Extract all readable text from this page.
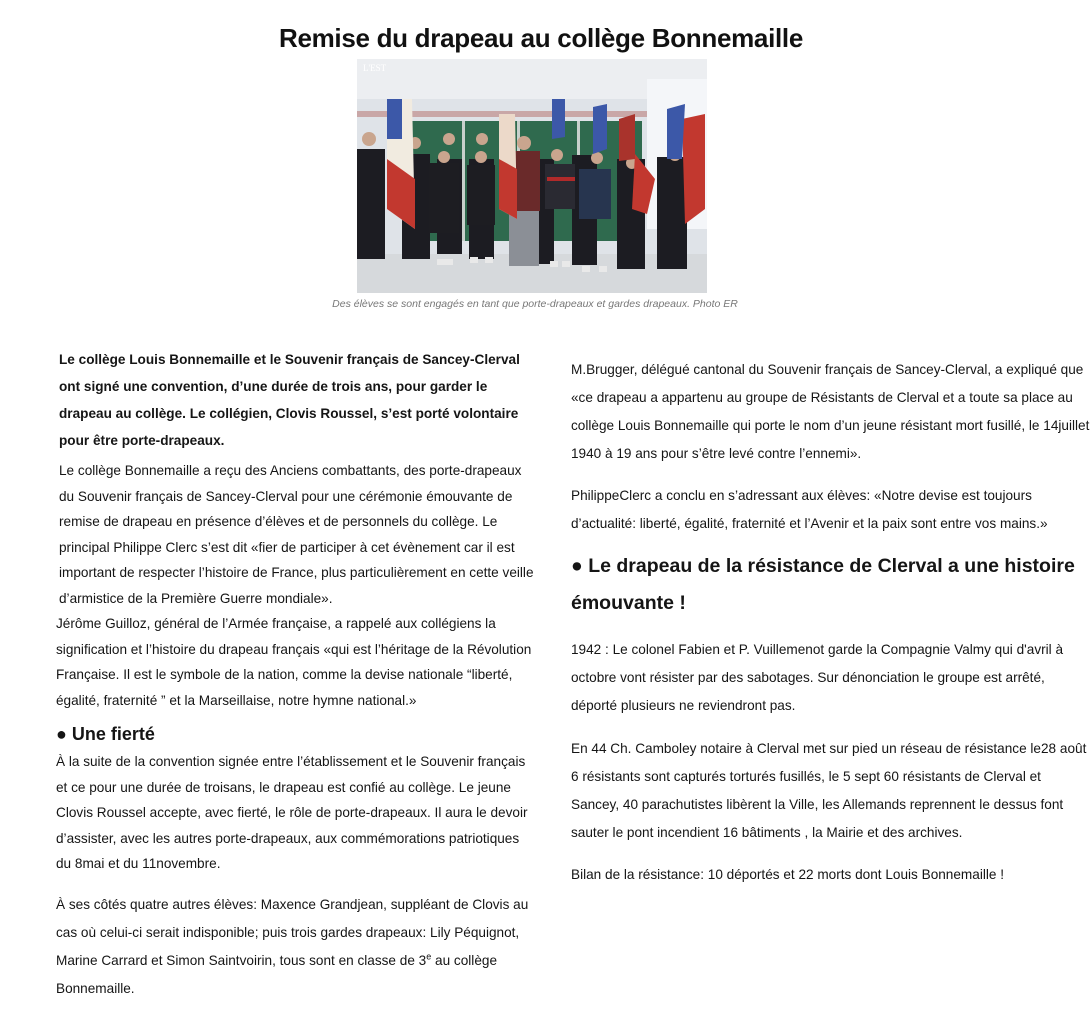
Remise du drapeau au collège Bonnemaille
L'EST
Des élèves se sont engagés en tant que porte-drapeaux et gardes drapeaux. Photo ER

Le collège Louis Bonnemaille et le Souvenir français de Sancey-Clerval ont signé une convention, d’une durée de trois ans, pour garder le drapeau au collège. Le collégien, Clovis Roussel, s’est porté volontaire pour être porte-drapeaux.

Le collège Bonnemaille a reçu des Anciens combattants, des porte-drapeaux du Souvenir français de Sancey-Clerval pour une cérémonie émouvante de remise de drapeau en présence d’élèves et de personnels du collège. Le principal Philippe Clerc s’est dit «fier de participer à cet évènement car il est important de respecter l’histoire de France, plus particulièrement en cette veille d’armistice de la Première Guerre mondiale».

Jérôme Guilloz, général de l’Armée française, a rappelé aux collégiens la signification et l’histoire du drapeau français «qui est l’héritage de la Révolution Française. Il est le symbole de la nation, comme la devise nationale “liberté, égalité, fraternité ” et la Marseillaise, notre hymne national.»

● Une fierté

À la suite de la convention signée entre l’établissement et le Souvenir français et ce pour une durée de troisans, le drapeau est confié au collège. Le jeune Clovis Roussel accepte, avec fierté, le rôle de porte-drapeaux. Il aura le devoir d’assister, avec les autres porte-drapeaux, aux commémorations patriotiques du 8mai et du 11novembre.

À ses côtés quatre autres élèves: Maxence Grandjean, suppléant de Clovis au cas où celui-ci serait indisponible; puis trois gardes drapeaux: Lily Péquignot, Marine Carrard et Simon Saintvoirin, tous sont en classe de 3e au collège Bonnemaille.

M.Brugger, délégué cantonal du Souvenir français de Sancey-Clerval, a expliqué que «ce drapeau a appartenu au groupe de Résistants de Clerval et a toute sa place au collège Louis Bonnemaille qui porte le nom d’un jeune résistant mort fusillé, le 14juillet 1940 à 19 ans pour s’être levé contre l’ennemi».

PhilippeClerc a conclu en s’adressant aux élèves: «Notre devise est toujours d’actualité: liberté, égalité, fraternité et l’Avenir et la paix sont entre vos mains.»

● Le drapeau de la résistance de Clerval a une histoire émouvante !

1942 : Le colonel Fabien et P. Vuillemenot garde la Compagnie Valmy qui d'avril à octobre vont résister par des sabotages. Sur dénonciation le groupe est arrêté, déporté plusieurs ne reviendront pas.

En 44 Ch. Camboley notaire à Clerval met sur pied un réseau de résistance le28 août 6 résistants sont capturés torturés fusillés, le 5 sept 60 résistants de Clerval et Sancey, 40 parachutistes libèrent la Ville, les Allemands reprennent le dessus font sauter le pont incendient 16 bâtiments , la Mairie et des archives.

Bilan de la résistance: 10 déportés et 22 morts dont Louis Bonnemaille !
